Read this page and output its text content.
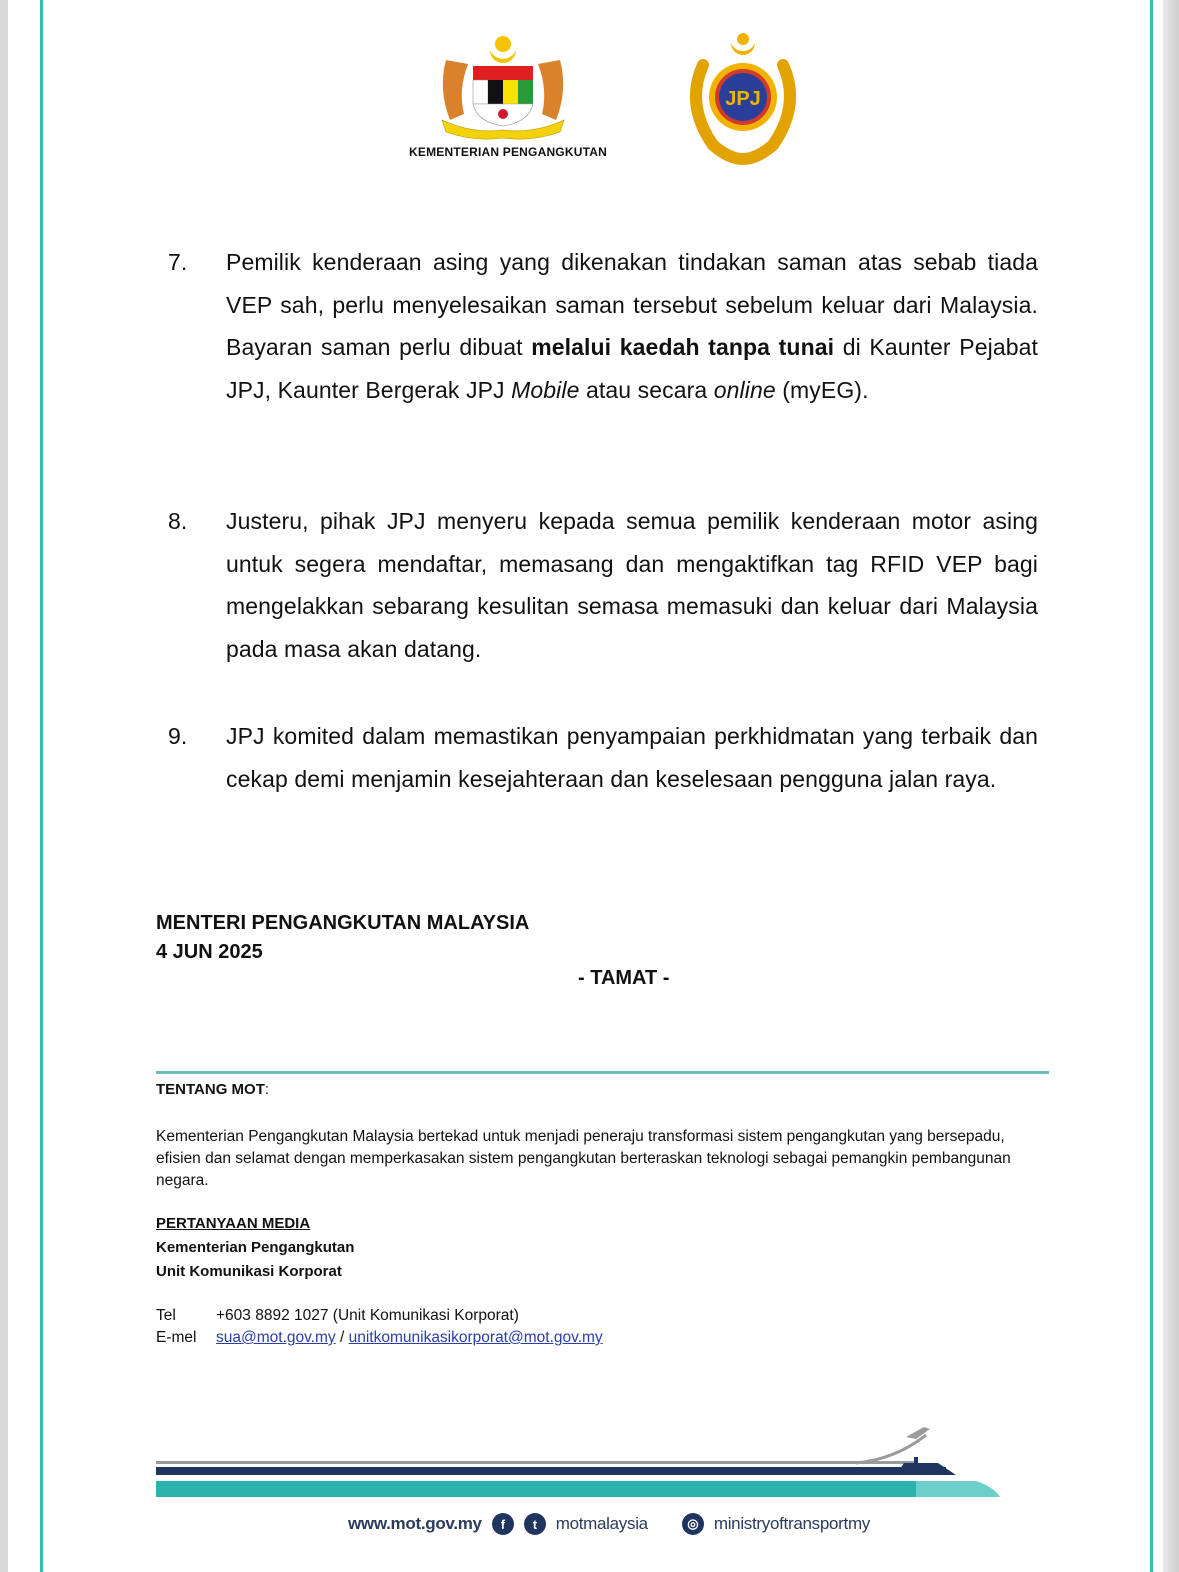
KEMENTERIAN PENGANGKUTAN
JPJ
7.	Pemilik kenderaan asing yang dikenakan tindakan saman atas sebab tiada VEP sah, perlu menyelesaikan saman tersebut sebelum keluar dari Malaysia. Bayaran saman perlu dibuat melalui kaedah tanpa tunai di Kaunter Pejabat JPJ, Kaunter Bergerak JPJ Mobile atau secara online (myEG).
8.	Justeru, pihak JPJ menyeru kepada semua pemilik kenderaan motor asing untuk segera mendaftar, memasang dan mengaktifkan tag RFID VEP bagi mengelakkan sebarang kesulitan semasa memasuki dan keluar dari Malaysia pada masa akan datang.
9.	JPJ komited dalam memastikan penyampaian perkhidmatan yang terbaik dan cekap demi menjamin kesejahteraan dan keselesaan pengguna jalan raya.
MENTERI PENGANGKUTAN MALAYSIA
4 JUN 2025
- TAMAT -
TENTANG MOT:
Kementerian Pengangkutan Malaysia bertekad untuk menjadi peneraju transformasi sistem pengangkutan yang bersepadu, efisien dan selamat dengan memperkasakan sistem pengangkutan berteraskan teknologi sebagai pemangkin pembangunan negara.
PERTANYAAN MEDIA
Kementerian Pengangkutan
Unit Komunikasi Korporat
Tel	+603 8892 1027 (Unit Komunikasi Korporat)
E-mel sua@mot.gov.my / unitkomunikasikorporat@mot.gov.my
www.mot.gov.my	f	t	motmalaysia	◎ ministryoftransportmy
